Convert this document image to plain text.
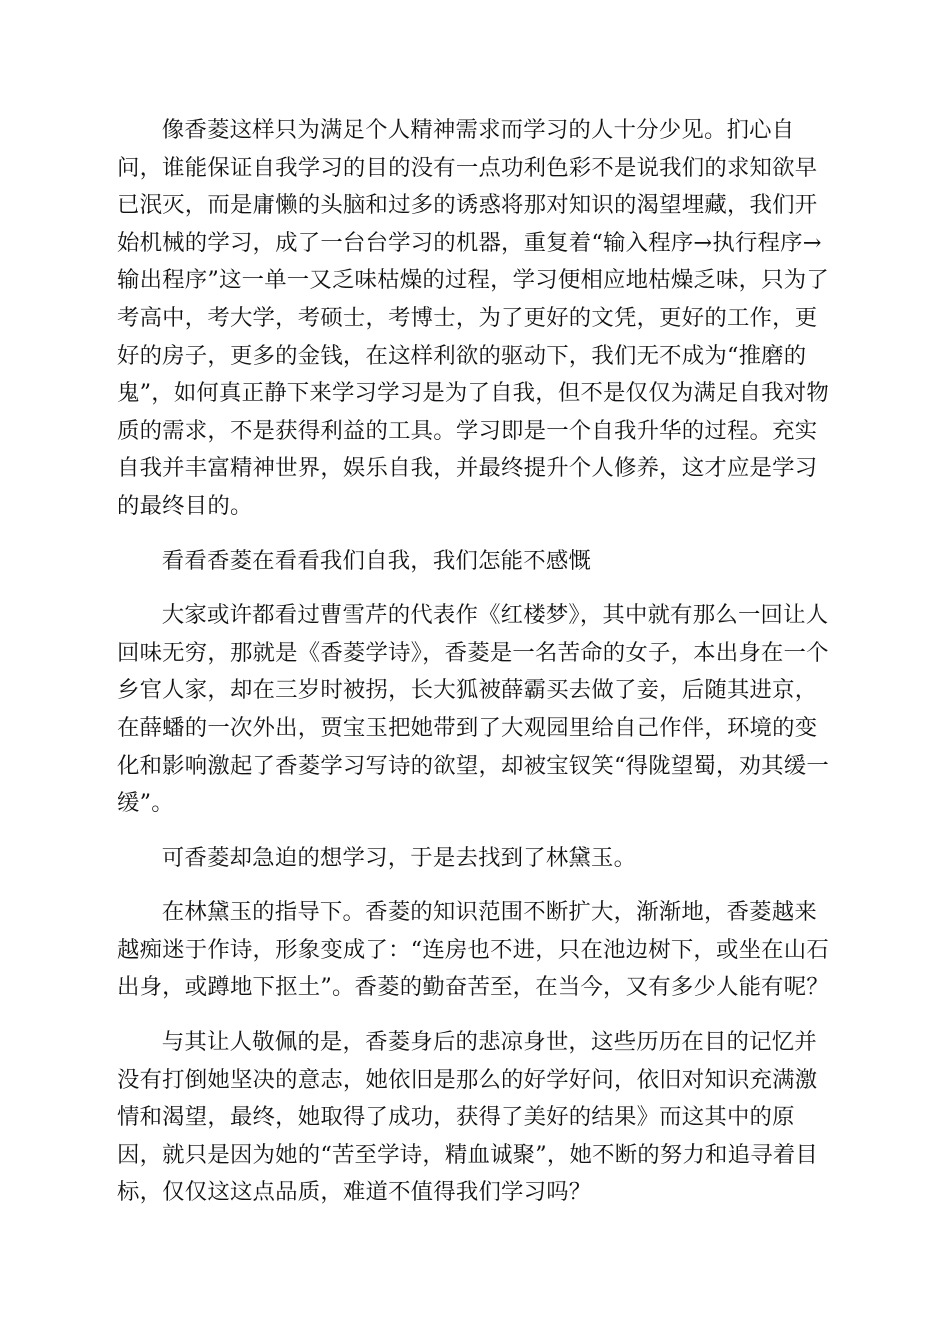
像香菱这样只为满足个人精神需求而学习的人十分少见。扪心自问，谁能保证自我学习的目的没有一点功利色彩不是说我们的求知欲早已泯灭，而是庸懒的头脑和过多的诱惑将那对知识的渴望埋藏，我们开始机械的学习，成了一台台学习的机器，重复着“输入程序→执行程序→输出程序”这一单一又乏味枯燥的过程，学习便相应地枯燥乏味，只为了考高中，考大学，考硕士，考博士，为了更好的文凭，更好的工作，更好的房子，更多的金钱，在这样利欲的驱动下，我们无不成为“推磨的鬼”，如何真正静下来学习学习是为了自我，但不是仅仅为满足自我对物质的需求，不是获得利益的工具。学习即是一个自我升华的过程。充实自我并丰富精神世界，娱乐自我，并最终提升个人修养，这才应是学习的最终目的。

看看香菱在看看我们自我，我们怎能不感慨

大家或许都看过曹雪芹的代表作《红楼梦》，其中就有那么一回让人回味无穷，那就是《香菱学诗》，香菱是一名苦命的女子，本出身在一个乡官人家，却在三岁时被拐，长大狐被薛霸买去做了妾，后随其进京，在薛蟠的一次外出，贾宝玉把她带到了大观园里给自己作伴，环境的变化和影响激起了香菱学习写诗的欲望，却被宝钗笑“得陇望蜀，劝其缓一缓”。

可香菱却急迫的想学习，于是去找到了林黛玉。

在林黛玉的指导下。香菱的知识范围不断扩大，渐渐地，香菱越来越痴迷于作诗，形象变成了：“连房也不进，只在池边树下，或坐在山石出身，或蹲地下抠土”。香菱的勤奋苦至，在当今，又有多少人能有呢？

与其让人敬佩的是，香菱身后的悲凉身世，这些历历在目的记忆并没有打倒她坚决的意志，她依旧是那么的好学好问，依旧对知识充满激情和渴望，最终，她取得了成功，获得了美好的结果》而这其中的原因，就只是因为她的“苦至学诗，精血诚聚”，她不断的努力和追寻着目标，仅仅这这点品质，难道不值得我们学习吗？
